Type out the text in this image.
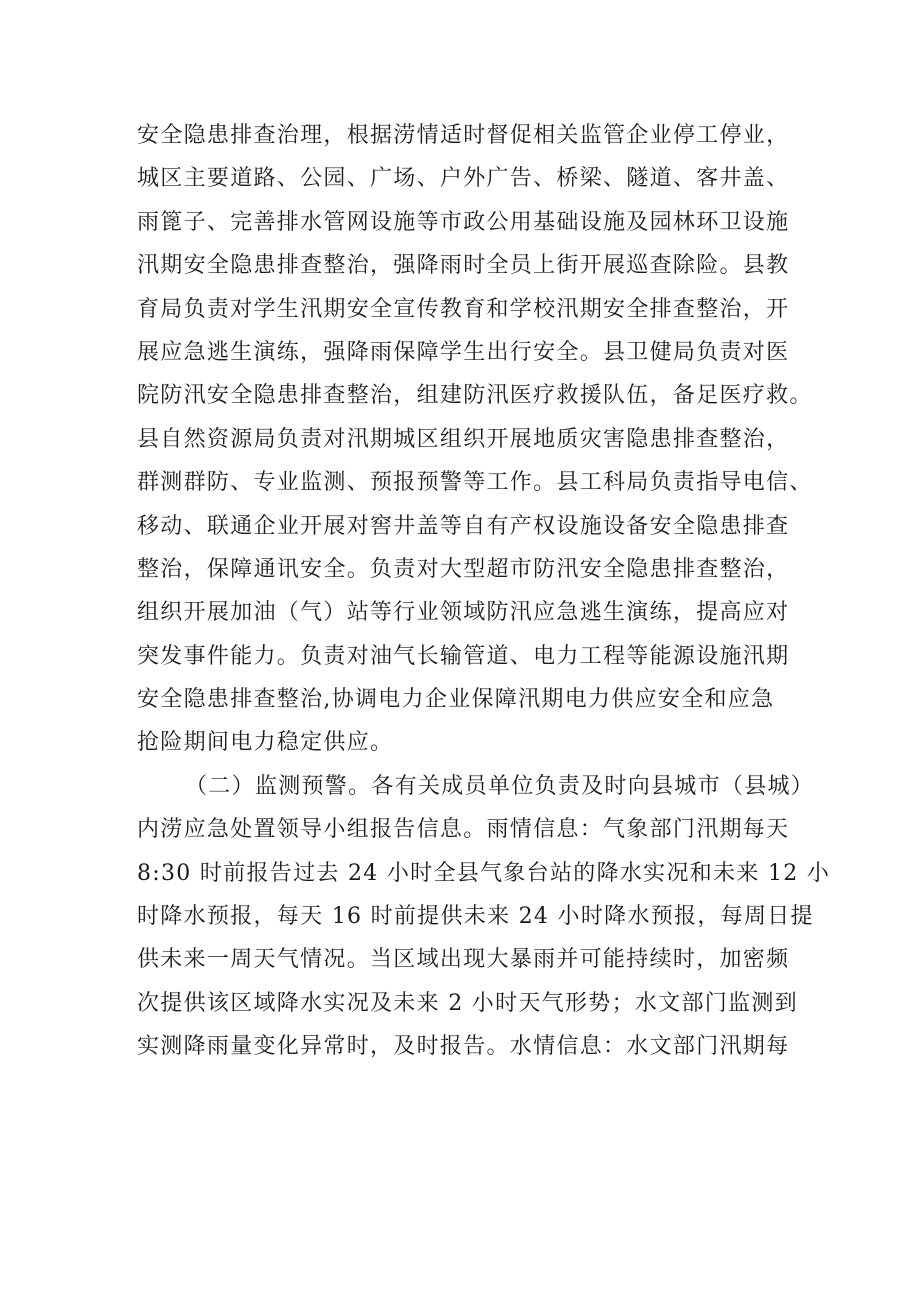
安全隐患排查治理，根据涝情适时督促相关监管企业停工停业，
城区主要道路、公园、广场、户外广告、桥梁、隧道、客井盖、
雨篦子、完善排水管网设施等市政公用基础设施及园林环卫设施
汛期安全隐患排查整治，强降雨时全员上街开展巡查除险。县教
育局负责对学生汛期安全宣传教育和学校汛期安全排查整治，开
展应急逃生演练，强降雨保障学生出行安全。县卫健局负责对医
院防汛安全隐患排查整治，组建防汛医疗救援队伍，备足医疗救。
县自然资源局负责对汛期城区组织开展地质灾害隐患排查整治，
群测群防、专业监测、预报预警等工作。县工科局负责指导电信、
移动、联通企业开展对窖井盖等自有产权设施设备安全隐患排查
整治，保障通讯安全。负责对大型超市防汛安全隐患排查整治，
组织开展加油（气）站等行业领域防汛应急逃生演练，提高应对
突发事件能力。负责对油气长输管道、电力工程等能源设施汛期
安全隐患排查整治,协调电力企业保障汛期电力供应安全和应急
抢险期间电力稳定供应。
（二）监测预警。各有关成员单位负责及时向县城市（县城）
内涝应急处置领导小组报告信息。雨情信息：气象部门汛期每天
8:30 时前报告过去 24 小时全县气象台站的降水实况和未来 12 小
时降水预报，每天 16 时前提供未来 24 小时降水预报，每周日提
供未来一周天气情况。当区域出现大暴雨并可能持续时，加密频
次提供该区域降水实况及未来 2 小时天气形势；水文部门监测到
实测降雨量变化异常时，及时报告。水情信息：水文部门汛期每
